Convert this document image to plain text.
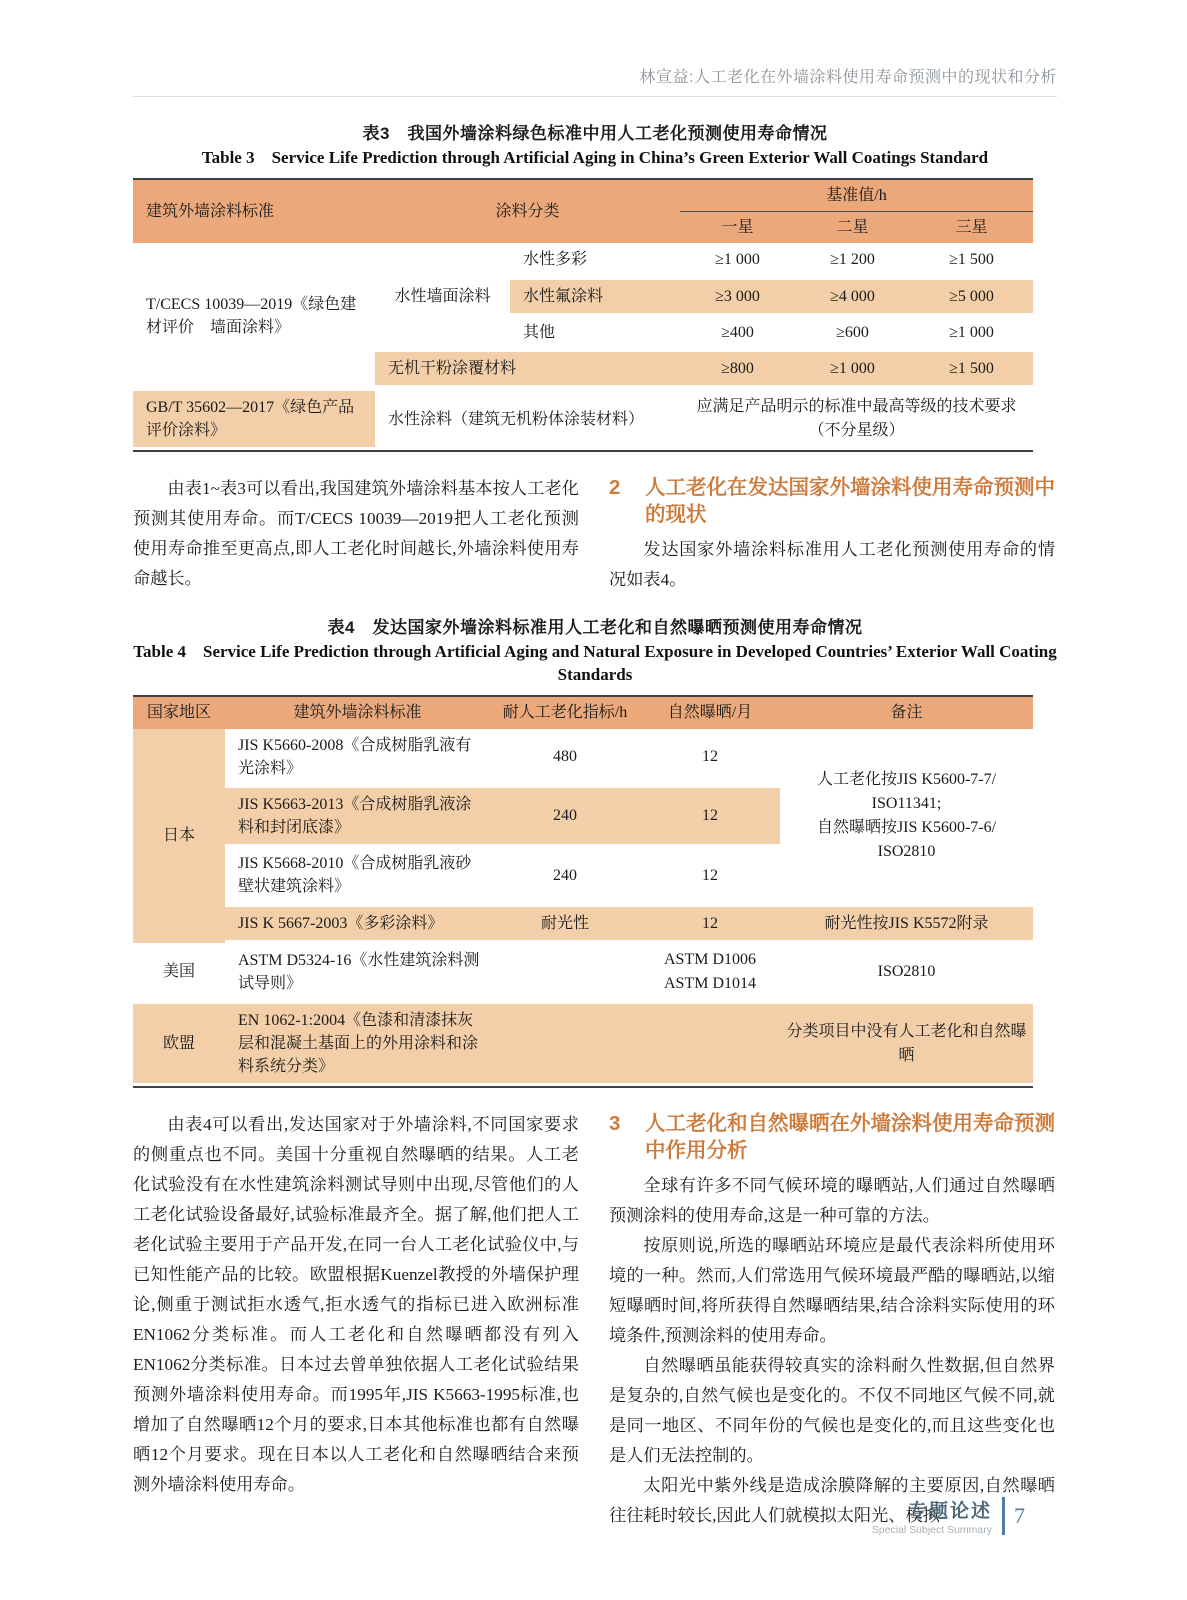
林宣益:人工老化在外墙涂料使用寿命预测中的现状和分析
表3　我国外墙涂料绿色标准中用人工老化预测使用寿命情况
Table 3　Service Life Prediction through Artificial Aging in China’s Green Exterior Wall Coatings Standard
建筑外墙涂料标准	涂料分类		基准值/h		
			一星	二星	三星
T/CECS 10039—2019《绿色建材评价　墙面涂料》	水性墙面涂料	水性多彩	≥1 000	≥1 200	≥1 500
		水性氟涂料	≥3 000	≥4 000	≥5 000
		其他	≥400	≥600	≥1 000
	无机干粉涂覆材料		≥800	≥1 000	≥1 500
GB/T 35602—2017《绿色产品评价涂料》	水性涂料（建筑无机粉体涂装材料）		应满足产品明示的标准中最高等级的技术要求
（不分星级）		

由表1~表3可以看出,我国建筑外墙涂料基本按人工老化预测其使用寿命。而T/CECS 10039—2019把人工老化预测使用寿命推至更高点,即人工老化时间越长,外墙涂料使用寿命越长。

2	人工老化在发达国家外墙涂料使用寿命预测中的现状

发达国家外墙涂料标准用人工老化预测使用寿命的情况如表4。

表4　发达国家外墙涂料标准用人工老化和自然曝晒预测使用寿命情况
Table 4　Service Life Prediction through Artificial Aging and Natural Exposure in Developed Countries’ Exterior Wall Coating Standards
国家地区	建筑外墙涂料标准	耐人工老化指标/h	自然曝晒/月	备注
日本	JIS K5660-2008《合成树脂乳液有光涂料》	480	12	人工老化按JIS K5600-7-7/
ISO11341;
自然曝晒按JIS K5600-7-6/
ISO2810

	JIS K5663-2013《合成树脂乳液涂料和封闭底漆》	240	12	
	JIS K5668-2010《合成树脂乳液砂壁状建筑涂料》	240	12	
	JIS K 5667-2003《多彩涂料》	耐光性	12	耐光性按JIS K5572附录
美国	ASTM D5324-16《水性建筑涂料测试导则》		ASTM D1006
ASTM D1014	ISO2810
欧盟	EN 1062-1:2004《色漆和清漆抹灰层和混凝土基面上的外用涂料和涂料系统分类》			分类项目中没有人工老化和自然曝晒

由表4可以看出,发达国家对于外墙涂料,不同国家要求的侧重点也不同。美国十分重视自然曝晒的结果。人工老化试验没有在水性建筑涂料测试导则中出现,尽管他们的人工老化试验设备最好,试验标准最齐全。据了解,他们把人工老化试验主要用于产品开发,在同一台人工老化试验仪中,与已知性能产品的比较。欧盟根据Kuenzel教授的外墙保护理论,侧重于测试拒水透气,拒水透气的指标已进入欧洲标准EN1062分类标准。而人工老化和自然曝晒都没有列入EN1062分类标准。日本过去曾单独依据人工老化试验结果预测外墙涂料使用寿命。而1995年,JIS K5663-1995标准,也增加了自然曝晒12个月的要求,日本其他标准也都有自然曝晒12个月要求。现在日本以人工老化和自然曝晒结合来预测外墙涂料使用寿命。

3	人工老化和自然曝晒在外墙涂料使用寿命预测中作用分析

全球有许多不同气候环境的曝晒站,人们通过自然曝晒预测涂料的使用寿命,这是一种可靠的方法。

按原则说,所选的曝晒站环境应是最代表涂料所使用环境的一种。然而,人们常选用气候环境最严酷的曝晒站,以缩短曝晒时间,将所获得自然曝晒结果,结合涂料实际使用的环境条件,预测涂料的使用寿命。

自然曝晒虽能获得较真实的涂料耐久性数据,但自然界是复杂的,自然气候也是变化的。不仅不同地区气候不同,就是同一地区、不同年份的气候也是变化的,而且这些变化也是人们无法控制的。

太阳光中紫外线是造成涂膜降解的主要原因,自然曝晒往往耗时较长,因此人们就模拟太阳光、模拟

专题论述
Special Subject Summary
7
